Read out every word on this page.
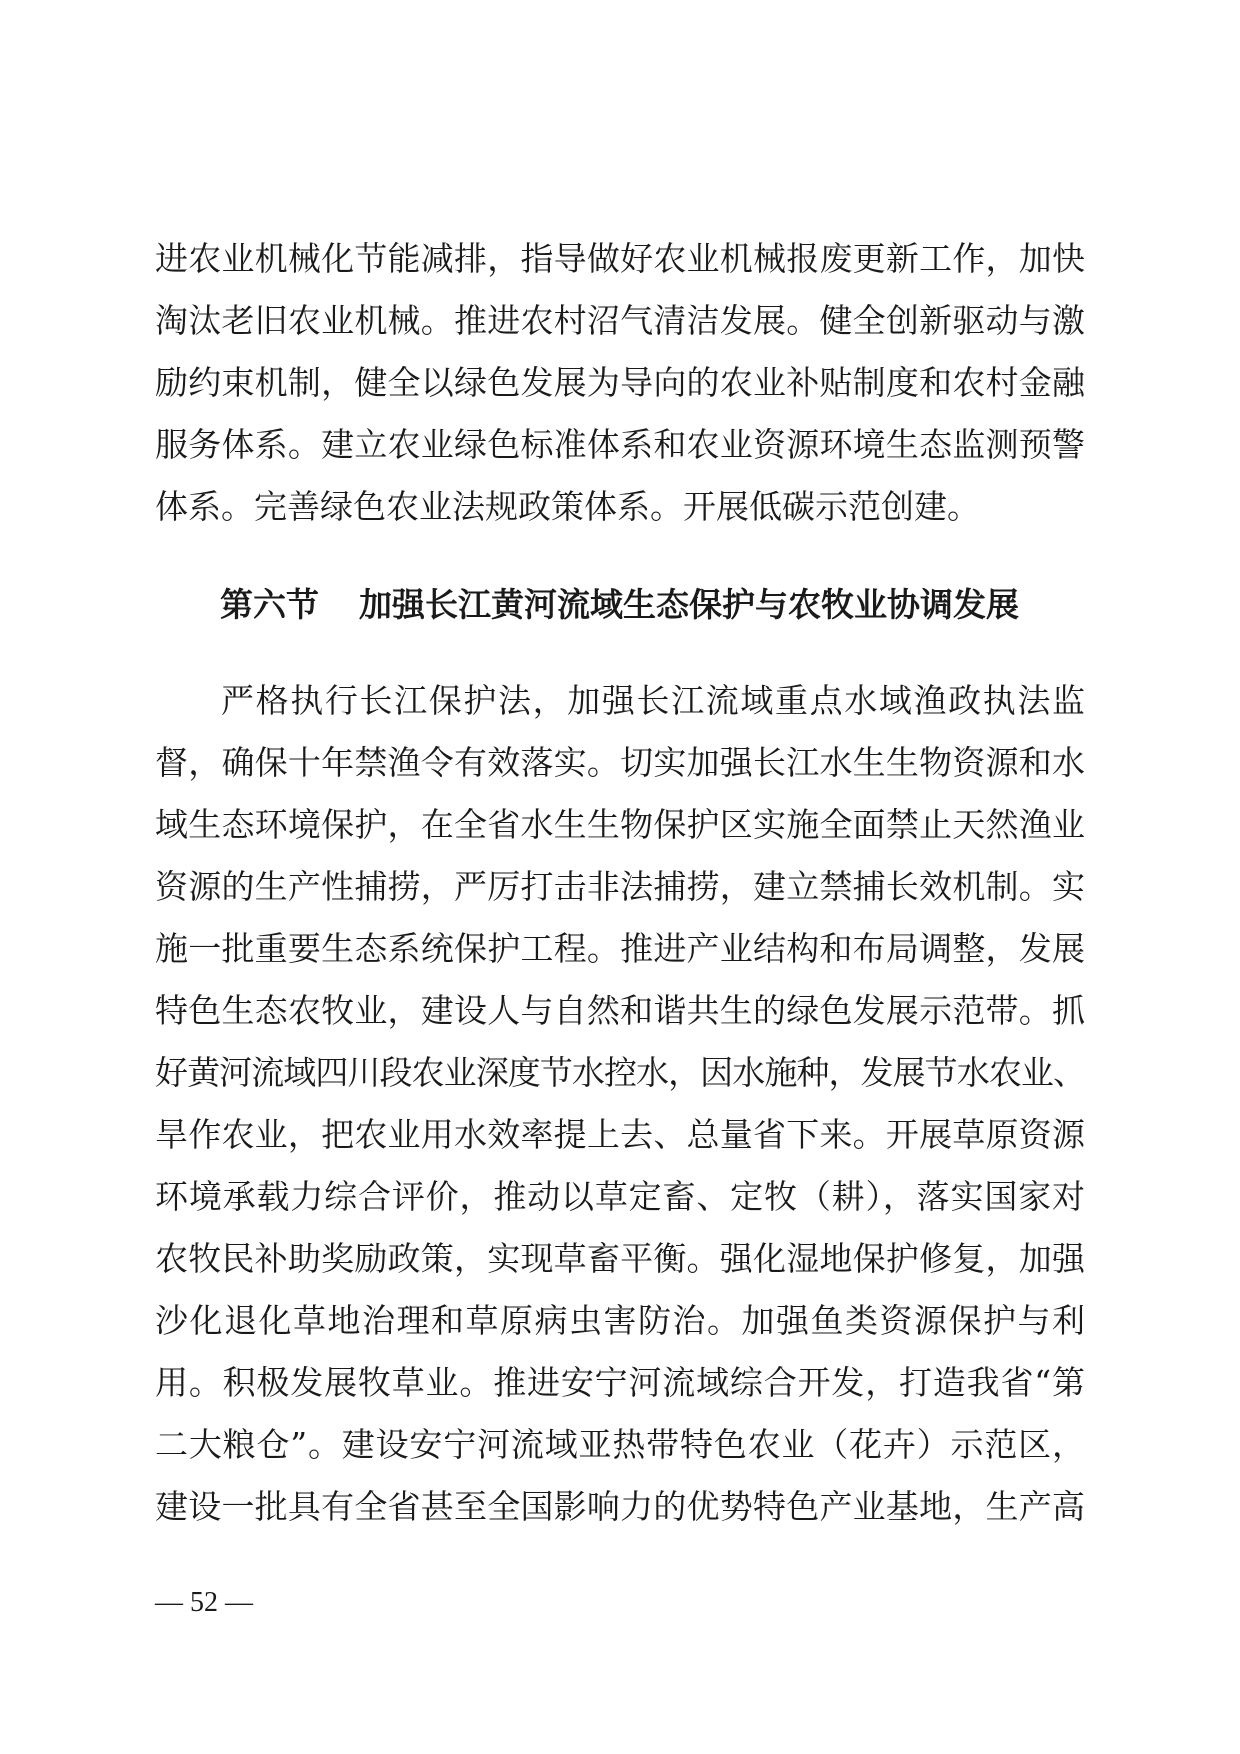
进农业机械化节能减排，指导做好农业机械报废更新工作，加快
淘汰老旧农业机械。推进农村沼气清洁发展。健全创新驱动与激
励约束机制，健全以绿色发展为导向的农业补贴制度和农村金融
服务体系。建立农业绿色标准体系和农业资源环境生态监测预警
体系。完善绿色农业法规政策体系。开展低碳示范创建。
第六节 加强长江黄河流域生态保护与农牧业协调发展
严格执行长江保护法，加强长江流域重点水域渔政执法监
督，确保十年禁渔令有效落实。切实加强长江水生生物资源和水
域生态环境保护，在全省水生生物保护区实施全面禁止天然渔业
资源的生产性捕捞，严厉打击非法捕捞，建立禁捕长效机制。实
施一批重要生态系统保护工程。推进产业结构和布局调整，发展
特色生态农牧业，建设人与自然和谐共生的绿色发展示范带。抓
好黄河流域四川段农业深度节水控水，因水施种，发展节水农业、
旱作农业，把农业用水效率提上去、总量省下来。开展草原资源
环境承载力综合评价，推动以草定畜、定牧（耕），落实国家对
农牧民补助奖励政策，实现草畜平衡。强化湿地保护修复，加强
沙化退化草地治理和草原病虫害防治。加强鱼类资源保护与利
用。积极发展牧草业。推进安宁河流域综合开发，打造我省“第
二大粮仓”。建设安宁河流域亚热带特色农业（花卉）示范区，
建设一批具有全省甚至全国影响力的优势特色产业基地，生产高
— 52 —
